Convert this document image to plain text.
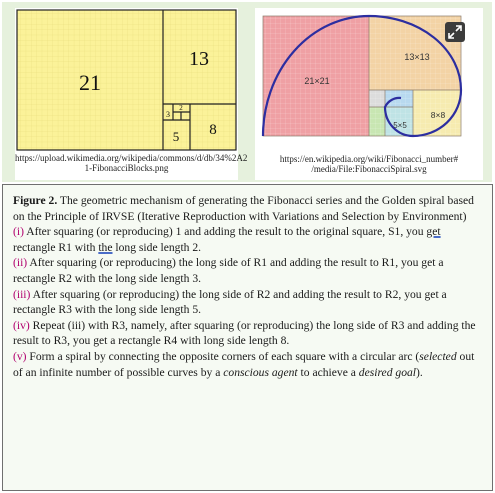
21
13
8
5
3
2
https://upload.wikimedia.org/wikipedia/commons/d/db/34%2A2
1-FibonacciBlocks.png
21×21
13×13
8×8
5×5
https://en.wikipedia.org/wiki/Fibonacci_number#
/media/File:FibonacciSpiral.svg

Figure 2. The geometric mechanism of generating the Fibonacci series and the Golden spiral based on the Principle of IRVSE (Iterative Reproduction with Variations and Selection by Environment)

(i) After squaring (or reproducing) 1 and adding the result to the original square, S1, you get rectangle R1 with the long side length 2.

(ii) After squaring (or reproducing) the long side of R1 and adding the result to R1, you get a rectangle R2 with the long side length 3.

(iii) After squaring (or reproducing) the long side of R2 and adding the result to R2, you get a rectangle R3 with the long side length 5.

(iv) Repeat (iii) with R3, namely, after squaring (or reproducing) the long side of R3 and adding the result to R3, you get a rectangle R4 with long side length 8.

(v) Form a spiral by connecting the opposite corners of each square with a circular arc (selected out of an infinite number of possible curves by a conscious agent to achieve a desired goal).
